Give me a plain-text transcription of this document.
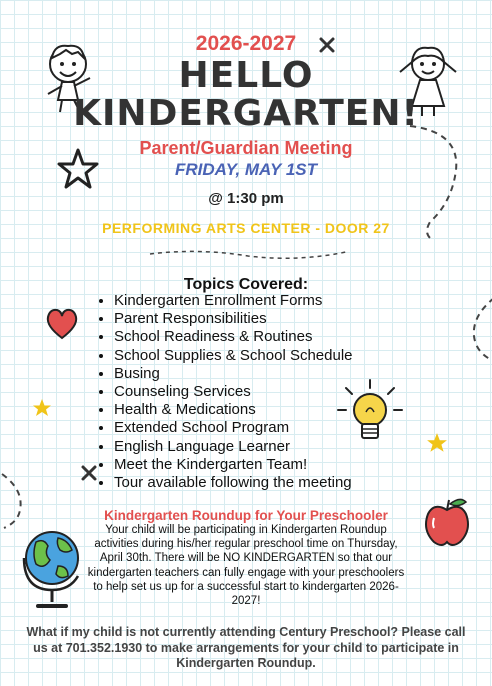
2026-2027
HELLO
KINDERGARTEN!
Parent/Guardian Meeting
FRIDAY, MAY 1ST
@ 1:30 pm
PERFORMING ARTS CENTER - DOOR 27
Topics Covered:
• Kindergarten Enrollment Forms
• Parent Responsibilities
• School Readiness & Routines
• School Supplies & School Schedule
• Busing
• Counseling Services
• Health & Medications
• Extended School Program
• English Language Learner
• Meet the Kindergarten Team!
• Tour available following the meeting
Kindergarten Roundup for Your Preschooler
Your child will be participating in Kindergarten Roundup activities during his/her regular preschool time on Thursday, April 30th. There will be NO KINDERGARTEN so that our kindergarten teachers can fully engage with your preschoolers to help set us up for a successful start to kindergarten 2026-2027!
What if my child is not currently attending Century Preschool? Please call us at 701.352.1930 to make arrangements for your child to participate in Kindergarten Roundup.
